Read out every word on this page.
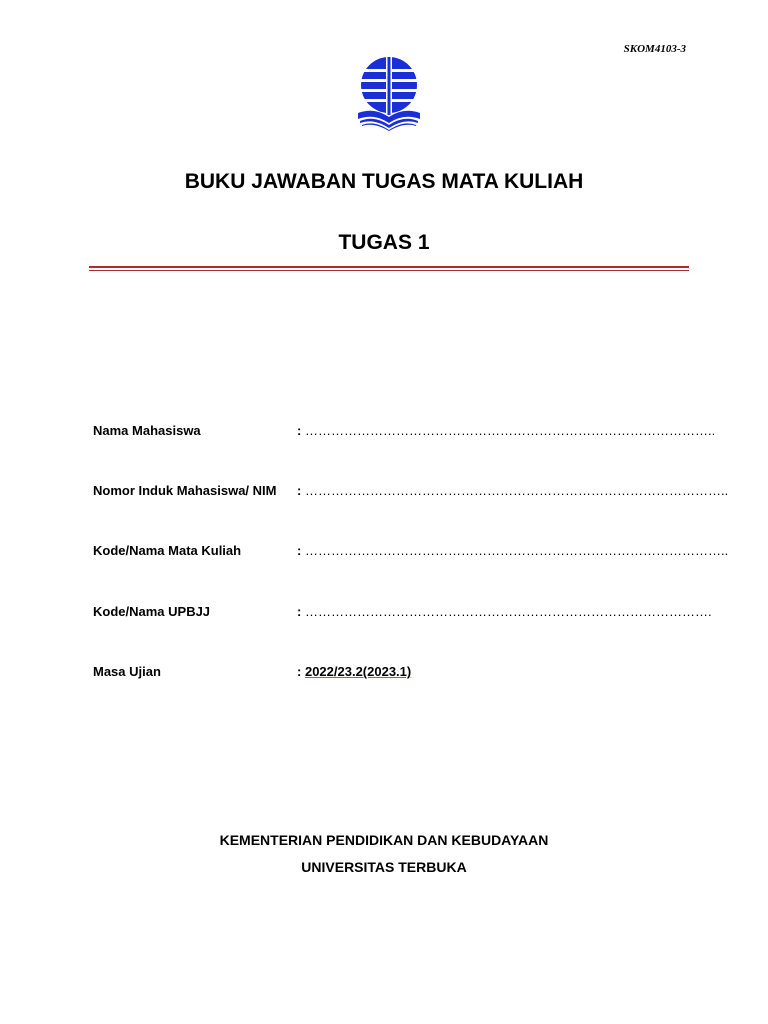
SKOM4103-3
BUKU JAWABAN TUGAS MATA KULIAH
TUGAS 1
Nama Mahasiswa	: …………………………………………………………………………………..
Nomor Induk Mahasiswa/ NIM : ……………………………………………………………………………………..
Kode/Nama Mata Kuliah	: ……………………………………………………………………………………..
Kode/Nama UPBJJ	: ………………………………………………………………………………….
Masa Ujian	: 2022/23.2(2023.1)
KEMENTERIAN PENDIDIKAN DAN KEBUDAYAAN
UNIVERSITAS TERBUKA
